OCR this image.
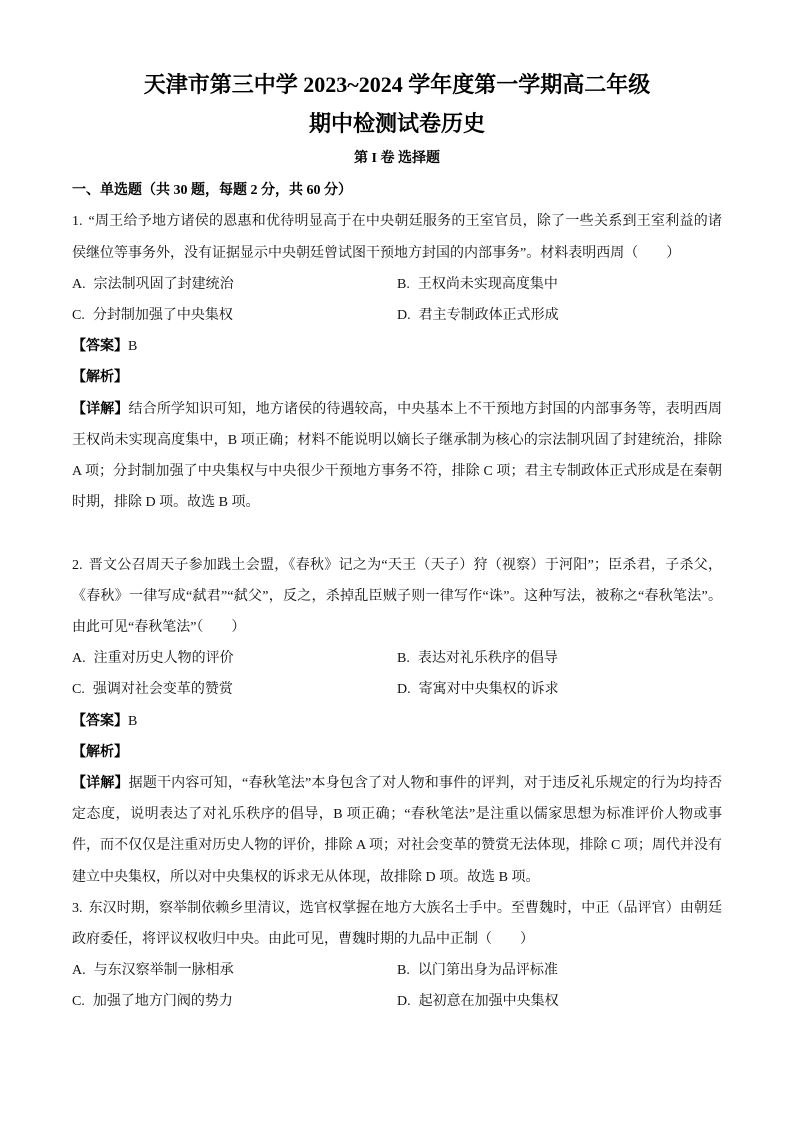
天津市第三中学 2023~2024 学年度第一学期高二年级
期中检测试卷历史
第 I 卷 选择题
一、单选题（共 30 题，每题 2 分，共 60 分）

1. “周王给予地方诸侯的恩惠和优待明显高于在中央朝廷服务的王室官员，除了一些关系到王室利益的诸侯继位等事务外，没有证据显示中央朝廷曾试图干预地方封国的内部事务”。材料表明西周（　　）

A. 宗法制巩固了封建统治	B. 王权尚未实现高度集中
C. 分封制加强了中央集权	D. 君主专制政体正式形成

【答案】B

【解析】

【详解】结合所学知识可知，地方诸侯的待遇较高，中央基本上不干预地方封国的内部事务等，表明西周王权尚未实现高度集中，B 项正确；材料不能说明以嫡长子继承制为核心的宗法制巩固了封建统治，排除 A 项；分封制加强了中央集权与中央很少干预地方事务不符，排除 C 项；君主专制政体正式形成是在秦朝时期，排除 D 项。故选 B 项。

2. 晋文公召周天子参加践土会盟，《春秋》记之为“天王（天子）狩（视察）于河阳”；臣杀君，子杀父，《春秋》一律写成“弑君”“弑父”，反之，杀掉乱臣贼子则一律写作“诛”。这种写法，被称之“春秋笔法”。由此可见“春秋笔法”（　　）

A. 注重对历史人物的评价	B. 表达对礼乐秩序的倡导
C. 强调对社会变革的赞赏	D. 寄寓对中央集权的诉求

【答案】B

【解析】

【详解】据题干内容可知，“春秋笔法”本身包含了对人物和事件的评判，对于违反礼乐规定的行为均持否定态度，说明表达了对礼乐秩序的倡导，B 项正确；“春秋笔法”是注重以儒家思想为标准评价人物或事件，而不仅仅是注重对历史人物的评价，排除 A 项；对社会变革的赞赏无法体现，排除 C 项；周代并没有建立中央集权，所以对中央集权的诉求无从体现，故排除 D 项。故选 B 项。

3. 东汉时期，察举制依赖乡里清议，选官权掌握在地方大族名士手中。至曹魏时，中正（品评官）由朝廷政府委任，将评议权收归中央。由此可见，曹魏时期的九品中正制（　　）

A. 与东汉察举制一脉相承	B. 以门第出身为品评标准
C. 加强了地方门阀的势力	D. 起初意在加强中央集权
